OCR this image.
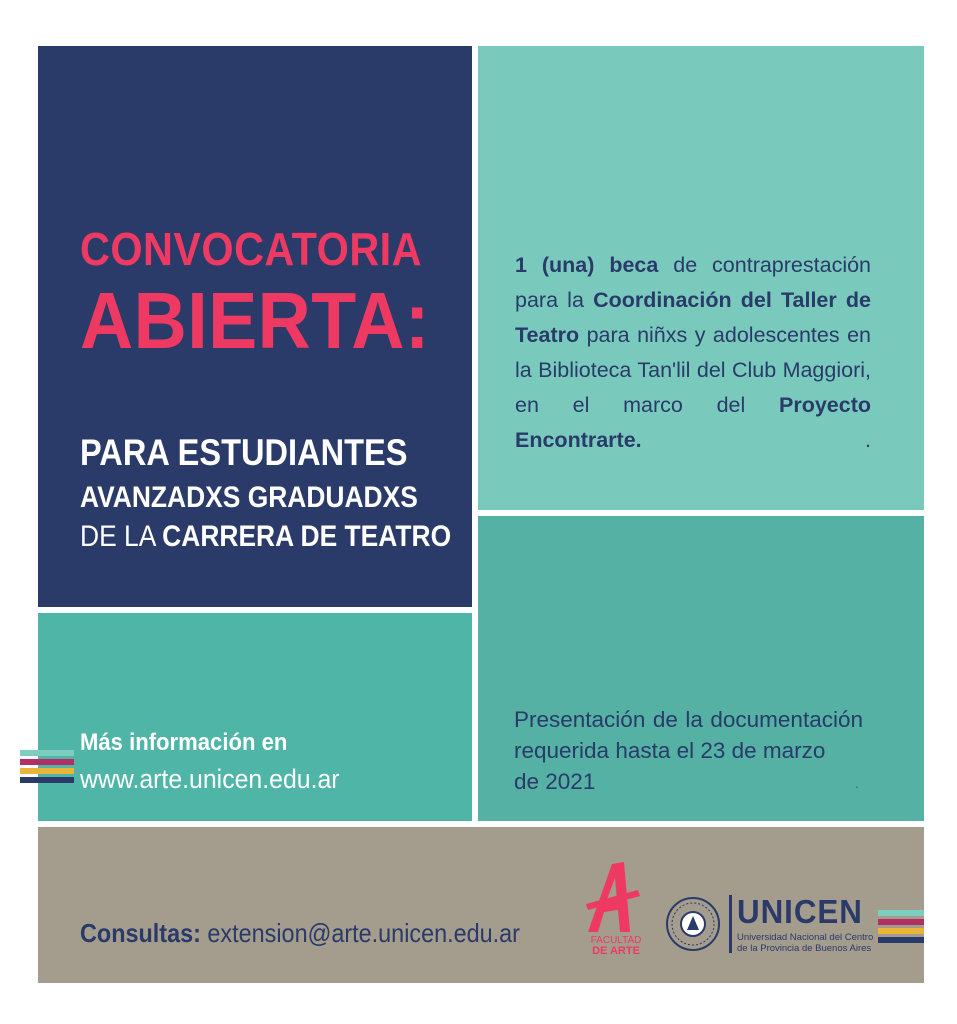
CONVOCATORIA
ABIERTA:
PARA ESTUDIANTES
AVANZADXS GRADUADXS
DE LA CARRERA DE TEATRO
1 (una) beca de contraprestación para la Coordinación del Taller de Teatro para niñxs y adolescentes en la Biblioteca Tan'lil del Club Maggiori, en el marco del Proyecto Encontrarte. .
Presentación de la documentación requerida hasta el 23 de marzo
de 2021	"
Más información en
www.arte.unicen.edu.ar
Consultas: extension@arte.unicen.edu.ar	FACULTAD
DE ARTE
UNICEN
Universidad Nacional del Centro
de la Provincia de Buenos Aires
